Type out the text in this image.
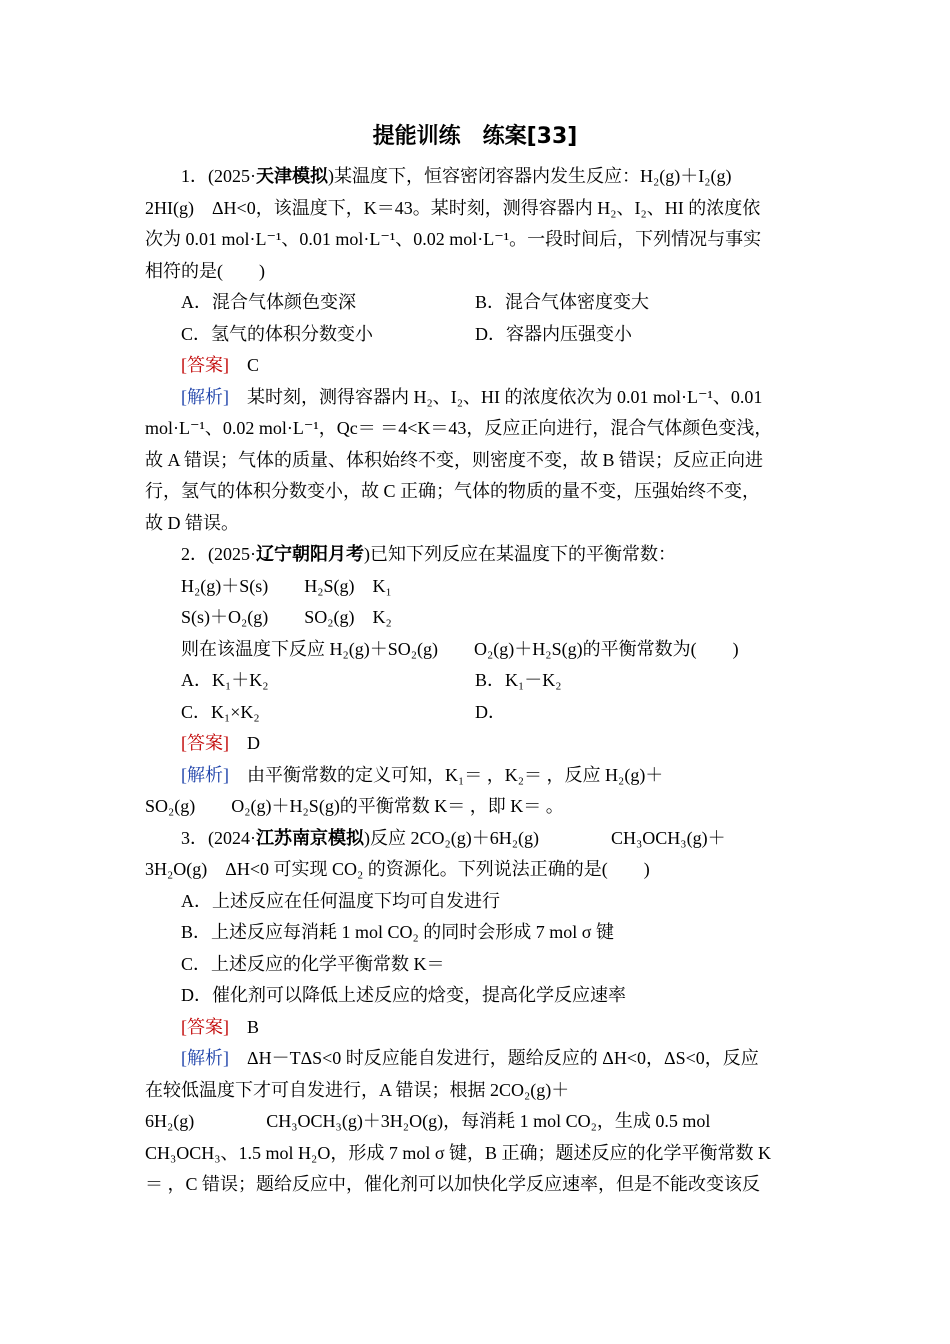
提能训练　练案[33]
1．(2025·天津模拟)某温度下，恒容密闭容器内发生反应：H₂(g)＋I₂(g)
2HI(g)　ΔH<0，该温度下，K＝43。某时刻，测得容器内 H₂、I₂、HI 的浓度依
次为 0.01 mol·L⁻¹、0.01 mol·L⁻¹、0.02 mol·L⁻¹。一段时间后，下列情况与事实
相符的是(　　)
A．混合气体颜色变深	B．混合气体密度变大
C．氢气的体积分数变小	D．容器内压强变小
[答案]　 C
[解析]　 某时刻，测得容器内 H₂、I₂、HI 的浓度依次为 0.01 mol·L⁻¹、0.01
mol·L⁻¹、0.02 mol·L⁻¹，Qc＝ ＝4<K＝43，反应正向进行，混合气体颜色变浅，
故 A 错误；气体的质量、体积始终不变，则密度不变，故 B 错误；反应正向进
行，氢气的体积分数变小，故 C 正确；气体的物质的量不变，压强始终不变，
故 D 错误。
2．(2025·辽宁朝阳月考)已知下列反应在某温度下的平衡常数：
H₂(g)＋S(s)　　H₂S(g)　K₁
S(s)＋O₂(g)　　SO₂(g)　K₂
则在该温度下反应 H₂(g)＋SO₂(g)　　O₂(g)＋H₂S(g)的平衡常数为(　　)
A．K₁＋K₂	B．K₁－K₂
C．K₁×K₂	D．
[答案]　 D
[解析]　 由平衡常数的定义可知，K₁＝ ，K₂＝ ，反应 H₂(g)＋
SO₂(g)　　O₂(g)＋H₂S(g)的平衡常数 K＝ ，即 K＝ 。
3．(2024·江苏南京模拟)反应 2CO₂(g)＋6H₂(g)　　　　CH₃OCH₃(g)＋
3H₂O(g)　ΔH<0 可实现 CO₂ 的资源化。下列说法正确的是(　　)
A．上述反应在任何温度下均可自发进行
B．上述反应每消耗 1 mol CO₂ 的同时会形成 7 mol σ 键
C．上述反应的化学平衡常数 K＝
D．催化剂可以降低上述反应的焓变，提高化学反应速率
[答案]　 B
[解析]　 ΔH－TΔS<0 时反应能自发进行，题给反应的 ΔH<0，ΔS<0，反应
在较低温度下才可自发进行，A 错误；根据 2CO₂(g)＋
6H₂(g)　　　　CH₃OCH₃(g)＋3H₂O(g)，每消耗 1 mol CO₂，生成 0.5 mol
CH₃OCH₃、1.5 mol H₂O，形成 7 mol σ 键，B 正确；题述反应的化学平衡常数 K
＝ ，C 错误；题给反应中，催化剂可以加快化学反应速率，但是不能改变该反
